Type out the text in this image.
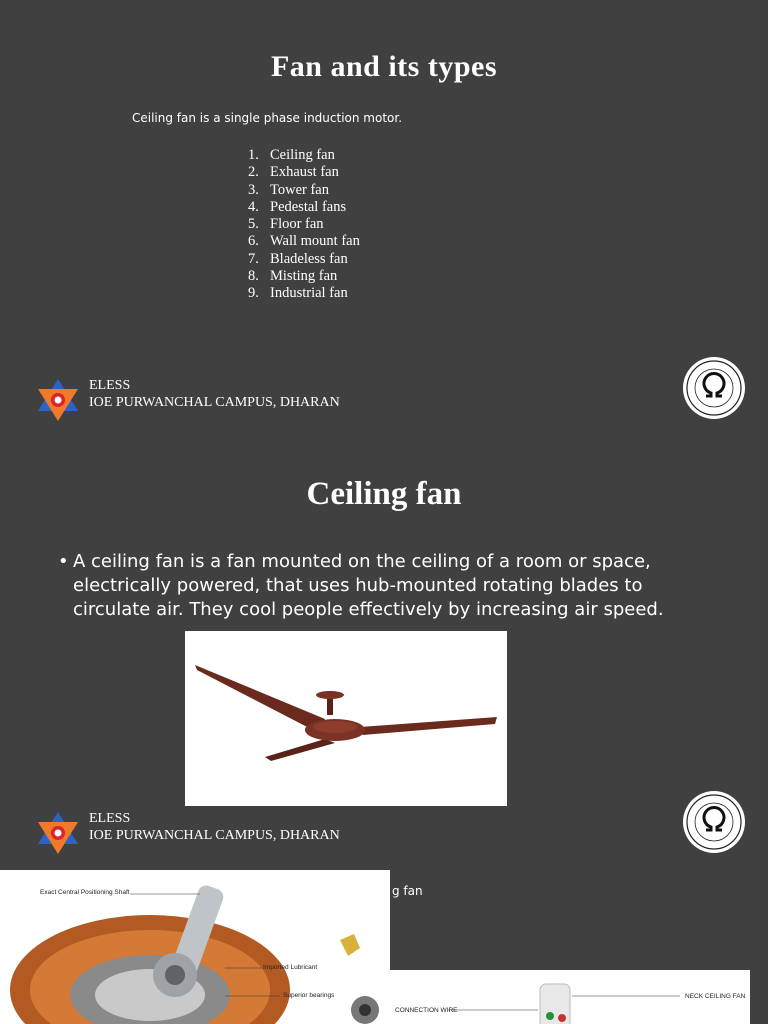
Fan and its types

Ceiling fan is a single phase induction motor.

1. Ceiling fan
2. Exhaust fan
3. Tower fan
4. Pedestal fans
5. Floor fan
6. Wall mount fan
7. Bladeless fan
8. Misting fan
9. Industrial fan
ELESS
IOE PURWANCHAL CAMPUS, DHARAN
Ceiling fan
• A ceiling fan is a fan mounted on the ceiling of a room or space, electrically powered, that uses hub-mounted rotating blades to circulate air. They cool people effectively by increasing air speed.
ELESS
IOE PURWANCHAL CAMPUS, DHARAN
g fan
Exact Central Positioning Shaft
Imported Lubricant
Superior bearings
CONNECTION WIRE
NECK CEILING FAN
